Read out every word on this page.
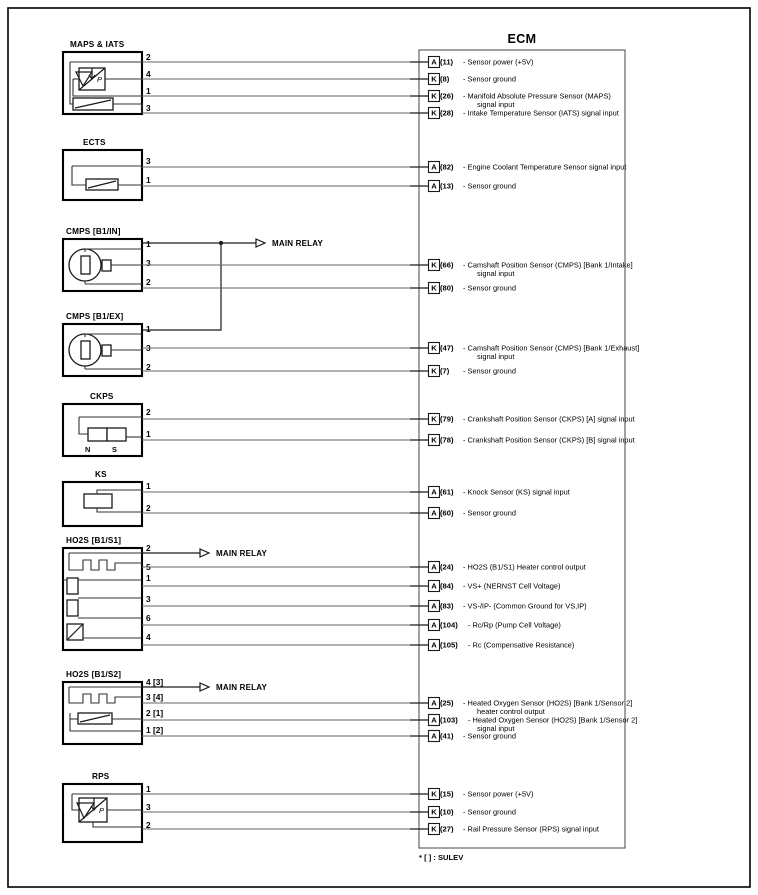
ECM
MAPS & IATS
P
2
4
1
3
ECTS
3
1
CMPS [B1/IN]
1
3
2
MAIN RELAY
CMPS [B1/EX]
1
3
2
CKPS
N	S
2
1
KS
1
2
HO2S [B1/S1]
2
5
1
3
6
4
MAIN RELAY
HO2S [B1/S2]
4 [3]
3 [4]
2 [1]
1 [2]
MAIN RELAY
RPS
P
1
3
2
A (11) - Sensor power (+5V)
K (8) - Sensor ground
K (26) - Manifold Absolute Pressure Sensor (MAPS)
signal input
K (28) - Intake Temperature Sensor (IATS) signal input
A (82) - Engine Coolant Temperature Sensor signal input
A (13) - Sensor ground
K (66) - Camshaft Position Sensor (CMPS) [Bank 1/Intake]
signal input
K (80) - Sensor ground
K (47) - Camshaft Position Sensor (CMPS) [Bank 1/Exhaust]
signal input
K (7) - Sensor ground
K (79) - Crankshaft Position Sensor (CKPS) [A] signal input
K (78) - Crankshaft Position Sensor (CKPS) [B] signal input
A (61) - Knock Sensor (KS) signal input
A (60) - Sensor ground
A (24) - HO2S (B1/S1) Heater control output
A (84) - VS+ (NERNST Cell Voltage)
A (83) - VS-/IP- (Common Ground for VS,IP)
A (104) - Rc/Rp (Pump Cell Voltage)
A (105) - Rc (Compensative Resistance)
A (25) - Heated Oxygen Sensor (HO2S) [Bank 1/Sensor 2]
heater control output
A (103) - Heated Oxygen Sensor (HO2S) [Bank 1/Sensor 2]
signal input
A (41) - Sensor ground
K (15) - Sensor power (+5V)
K (10) - Sensor ground
K (27) - Rail Pressure Sensor (RPS) signal input
* [ ] : SULEV
